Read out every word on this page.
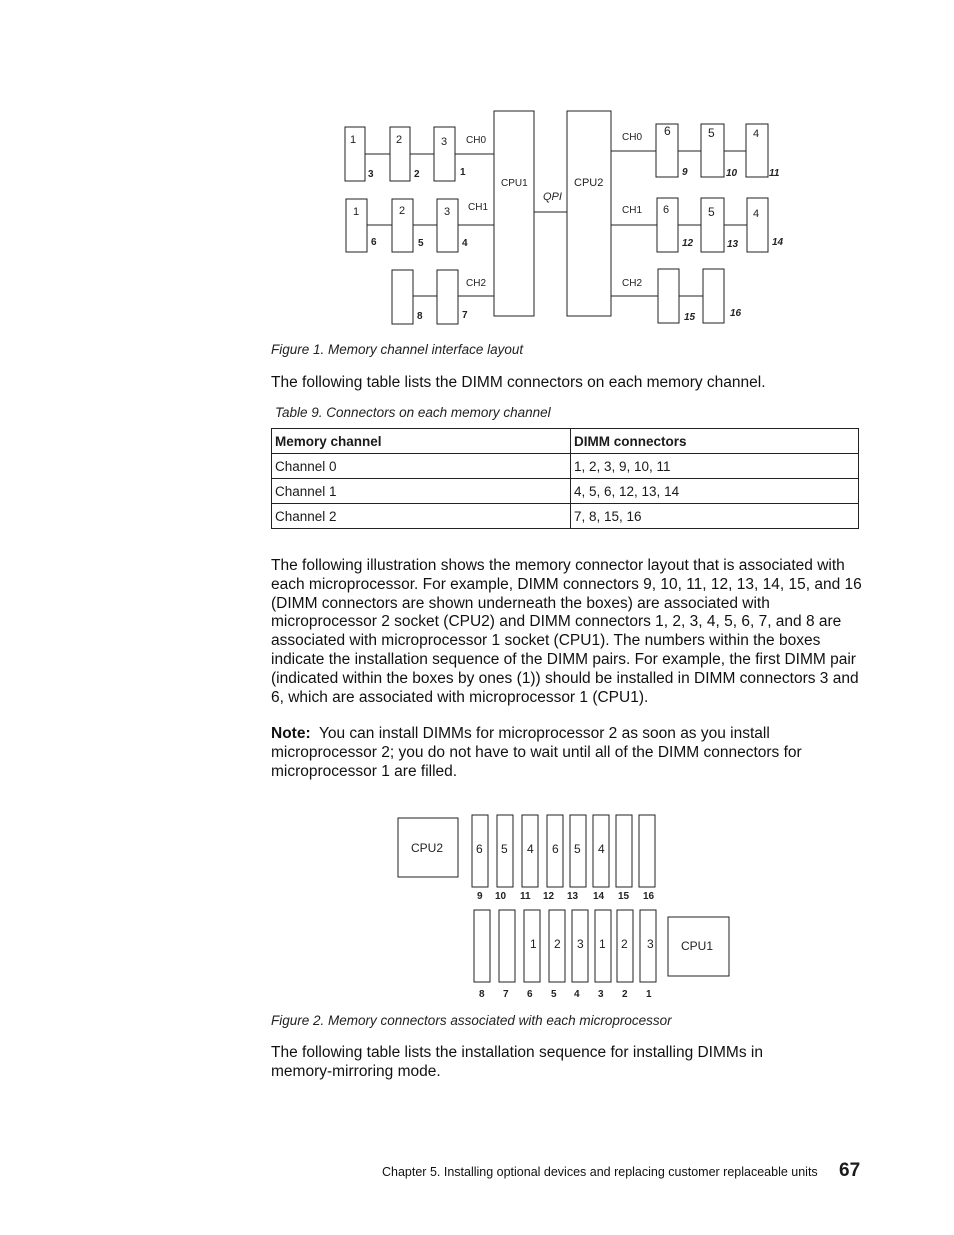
CPU1	CPU2
QPI
CH0
CH1
CH2
CH0
CH1
CH2
1	2	3
3	2	1
1	2	3
6	5	4
8	7
6	5	4
9	10	11
6	5	4
12	13	14
15	16
Figure 1. Memory channel interface layout
The following table lists the DIMM connectors on each memory channel.
Table 9. Connectors on each memory channel
Memory channel	DIMM connectors
Channel 0	1, 2, 3, 9, 10, 11
Channel 1	4, 5, 6, 12, 13, 14
Channel 2	7, 8, 15, 16
The following illustration shows the memory connector layout that is associated with each microprocessor. For example, DIMM connectors 9, 10, 11, 12, 13, 14, 15, and 16 (DIMM connectors are shown underneath the boxes) are associated with microprocessor 2 socket (CPU2) and DIMM connectors 1, 2, 3, 4, 5, 6, 7, and 8 are associated with microprocessor 1 socket (CPU1). The numbers within the boxes indicate the installation sequence of the DIMM pairs. For example, the first DIMM pair (indicated within the boxes by ones (1)) should be installed in DIMM connectors 3 and 6, which are associated with microprocessor 1 (CPU1).
Note: You can install DIMMs for microprocessor 2 as soon as you install microprocessor 2; you do not have to wait until all of the DIMM connectors for microprocessor 1 are filled.
CPU2
CPU1
6 5 4 6 5 4
9 10 11 12 13 14 15 16
1 2 3 1 2 3
8 7 6 5 4 3 2 1
Figure 2. Memory connectors associated with each microprocessor
The following table lists the installation sequence for installing DIMMs in memory-mirroring mode.
Chapter 5. Installing optional devices and replacing customer replaceable units 67
